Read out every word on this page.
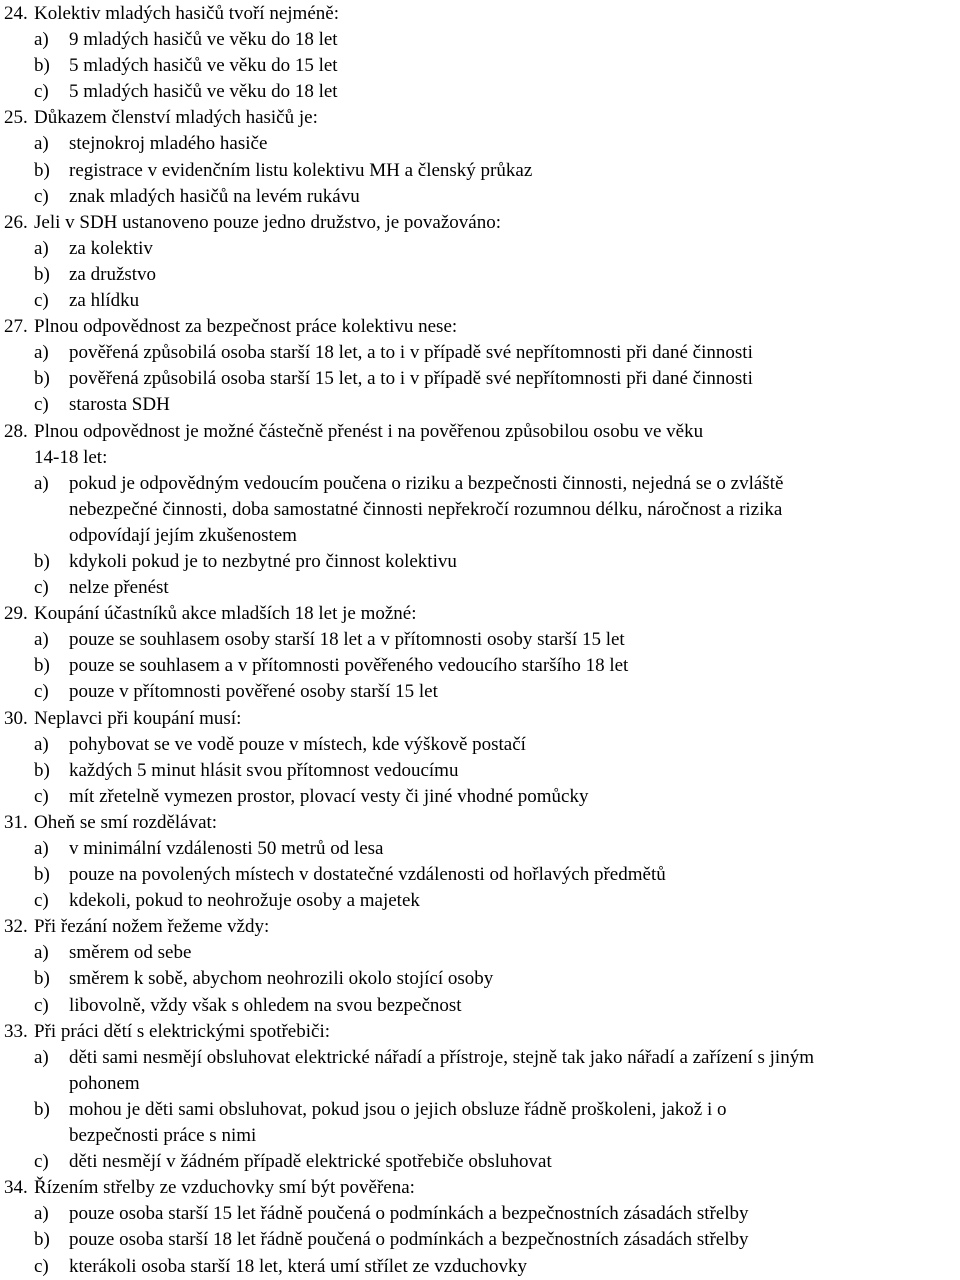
24. Kolektiv mladých hasičů tvoří nejméně:
a)	9 mladých hasičů ve věku do 18 let
b)	5 mladých hasičů ve věku do 15 let
c)	5 mladých hasičů ve věku do 18 let
25. Důkazem členství mladých hasičů je:
a)	stejnokroj mladého hasiče
b)	registrace v evidenčním listu kolektivu MH a členský průkaz
c)	znak mladých hasičů na levém rukávu
26. Jeli v SDH ustanoveno pouze jedno družstvo, je považováno:
a)	za kolektiv
b)	za družstvo
c)	za hlídku
27. Plnou odpovědnost za bezpečnost práce kolektivu nese:
a)	pověřená způsobilá osoba starší 18 let, a to i v případě své nepřítomnosti při dané činnosti
b)	pověřená způsobilá osoba starší 15 let, a to i v případě své nepřítomnosti při dané činnosti
c)	starosta SDH
28. Plnou odpovědnost je možné částečně přenést i na pověřenou způsobilou osobu ve věku
14-18 let:
a)	pokud je odpovědným vedoucím poučena o riziku a bezpečnosti činnosti, nejedná se o zvláště
nebezpečné činnosti, doba samostatné činnosti nepřekročí rozumnou délku, náročnost a rizika
odpovídají jejím zkušenostem
b)	kdykoli pokud je to nezbytné pro činnost kolektivu
c)	nelze přenést
29. Koupání účastníků akce mladších 18 let je možné:
a)	pouze se souhlasem osoby starší 18 let a v přítomnosti osoby starší 15 let
b)	pouze se souhlasem a v přítomnosti pověřeného vedoucího staršího 18 let
c)	pouze v přítomnosti pověřené osoby starší 15 let
30. Neplavci při koupání musí:
a)	pohybovat se ve vodě pouze v místech, kde výškově postačí
b)	každých 5 minut hlásit svou přítomnost vedoucímu
c)	mít zřetelně vymezen prostor, plovací vesty či jiné vhodné pomůcky
31. Oheň se smí rozdělávat:
a)	v minimální vzdálenosti 50 metrů od lesa
b)	pouze na povolených místech v dostatečné vzdálenosti od hořlavých předmětů
c)	kdekoli, pokud to neohrožuje osoby a majetek
32. Při řezání nožem řežeme vždy:
a)	směrem od sebe
b)	směrem k sobě, abychom neohrozili okolo stojící osoby
c)	libovolně, vždy však s ohledem na svou bezpečnost
33. Při práci dětí s elektrickými spotřebiči:
a)	děti sami nesmějí obsluhovat elektrické nářadí a přístroje, stejně tak jako nářadí a zařízení s jiným
pohonem
b)	mohou je děti sami obsluhovat, pokud jsou o jejich obsluze řádně proškoleni, jakož i o
bezpečnosti práce s nimi
c)	děti nesmějí v žádném případě elektrické spotřebiče obsluhovat
34. Řízením střelby ze vzduchovky smí být pověřena:
a)	pouze osoba starší 15 let řádně poučená o podmínkách a bezpečnostních zásadách střelby
b)	pouze osoba starší 18 let řádně poučená o podmínkách a bezpečnostních zásadách střelby
c)	kterákoli osoba starší 18 let, která umí střílet ze vzduchovky
